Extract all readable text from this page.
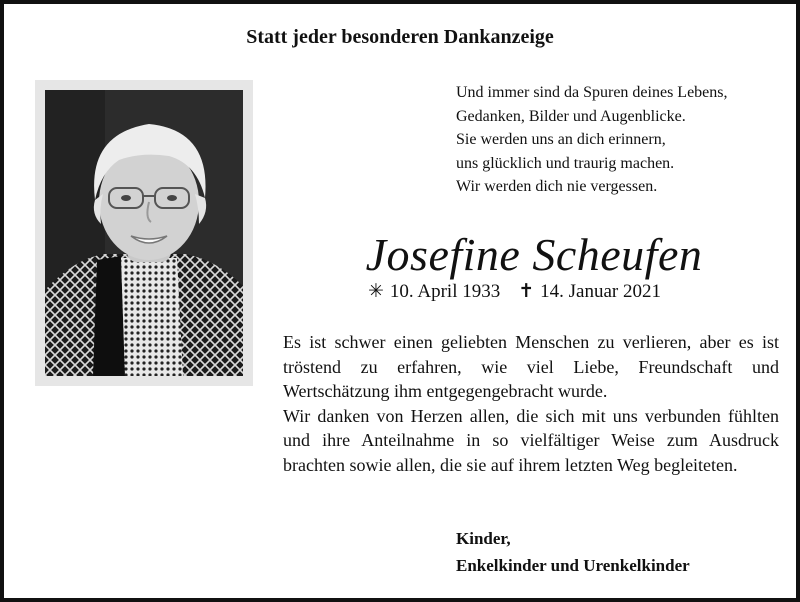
Statt jeder besonderen Dankanzeige
Und immer sind da Spuren deines Lebens,
Gedanken, Bilder und Augenblicke.
Sie werden uns an dich erinnern,
uns glücklich und traurig machen.
Wir werden dich nie vergessen.
Josefine Scheufen
✳ 10. April 1933 ✝ 14. Januar 2021

Es ist schwer einen geliebten Menschen zu verlieren, aber es ist tröstend zu erfahren, wie viel Liebe, Freundschaft und Wertschätzung ihm entgegengebracht wurde.

Wir danken von Herzen allen, die sich mit uns verbunden fühlten und ihre Anteilnahme in so vielfältiger Weise zum Ausdruck brachten sowie allen, die sie auf ihrem letzten Weg begleiteten.

Kinder,
Enkelkinder und Urenkelkinder
